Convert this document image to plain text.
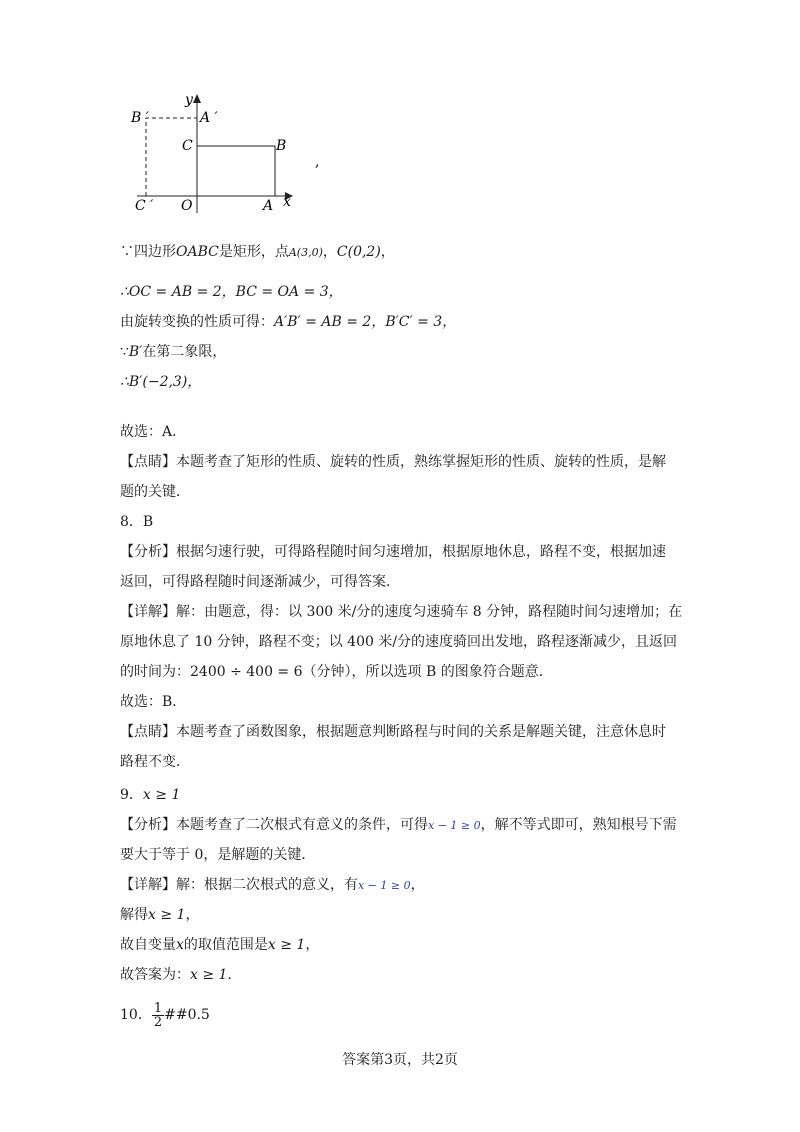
y
x
B ′	A ′
C	B
C ′ O	A
,
∵四边形OABC是矩形，点A(3,0)，C(0,2)，
∴OC = AB = 2，BC = OA = 3，
由旋转变换的性质可得：A′B′ = AB = 2，B′C′ = 3，
∵B′在第二象限，
∴B′(−2,3)，
故选：A．
【点睛】本题考查了矩形的性质、旋转的性质，熟练掌握矩形的性质、旋转的性质，是解
题的关键．
8．B
【分析】根据匀速行驶，可得路程随时间匀速增加，根据原地休息，路程不变，根据加速
返回，可得路程随时间逐渐减少，可得答案．
【详解】解：由题意，得：以 300 米/分的速度匀速骑车 8 分钟，路程随时间匀速增加；在
原地休息了 10 分钟，路程不变；以 400 米/分的速度骑回出发地，路程逐渐减少，且返回
的时间为：2400 ÷ 400 = 6（分钟），所以选项 B 的图象符合题意．
故选：B．
【点睛】本题考查了函数图象，根据题意判断路程与时间的关系是解题关键，注意休息时
路程不变．
9．x ≥ 1
【分析】本题考查了二次根式有意义的条件，可得x − 1 ≥ 0，解不等式即可，熟知根号下需
要大于等于 0，是解题的关键．
【详解】解：根据二次根式的意义，有x − 1 ≥ 0，
解得x ≥ 1，
故自变量x的取值范围是x ≥ 1，
故答案为：x ≥ 1．
10． $\frac{1}{2}$ ##0.5
答案第3页，共2页
